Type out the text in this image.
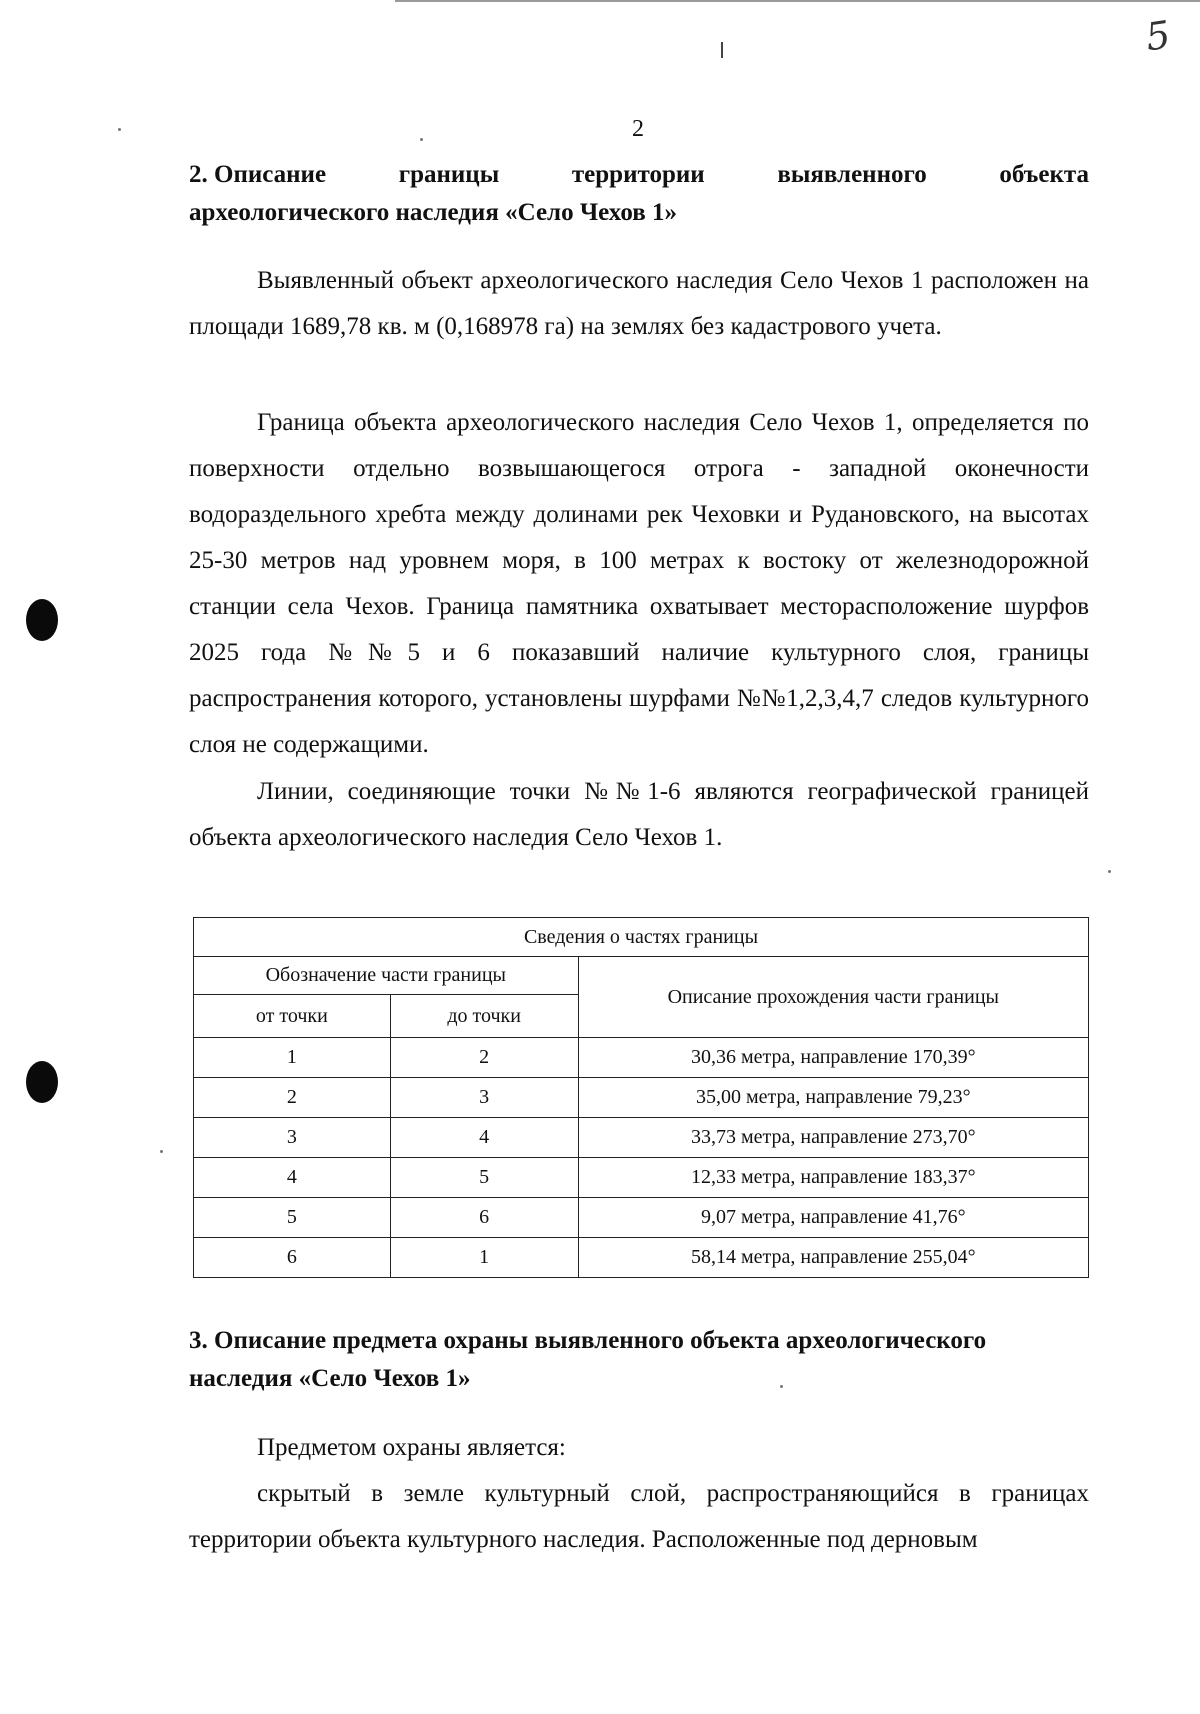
5
2
2. Описание	границы	территории	выявленного	объекта
археологического наследия «Село Чехов 1»
Выявленный объект археологического наследия Село Чехов 1 расположен на площади 1689,78 кв. м (0,168978 га) на землях без кадастрового учета.
Граница объекта археологического наследия Село Чехов 1, определяется по поверхности отдельно возвышающегося отрога - западной оконечности водораздельного хребта между долинами рек Чеховки и Рудановского, на высотах 25-30 метров над уровнем моря, в 100 метрах к востоку от железнодорожной станции села Чехов. Граница памятника охватывает месторасположение шурфов 2025 года №№5 и 6 показавший наличие культурного слоя, границы распространения которого, установлены шурфами №№1,2,3,4,7 следов культурного слоя не содержащими.
Линии, соединяющие точки №№1-6 являются географической границей объекта археологического наследия Село Чехов 1.
Сведения о частях границы		
Обозначение части границы		Описание прохождения части границы
от точки	до точки	
1	2	30,36 метра, направление 170,39°
2	3	35,00 метра, направление 79,23°
3	4	33,73 метра, направление 273,70°
4	5	12,33 метра, направление 183,37°
5	6	9,07 метра, направление 41,76°
6	1	58,14 метра, направление 255,04°
3. Описание предмета охраны выявленного объекта археологического
наследия «Село Чехов 1»
Предметом охраны является:
скрытый в земле культурный слой, распространяющийся в границах территории объекта культурного наследия. Расположенные под дерновым
